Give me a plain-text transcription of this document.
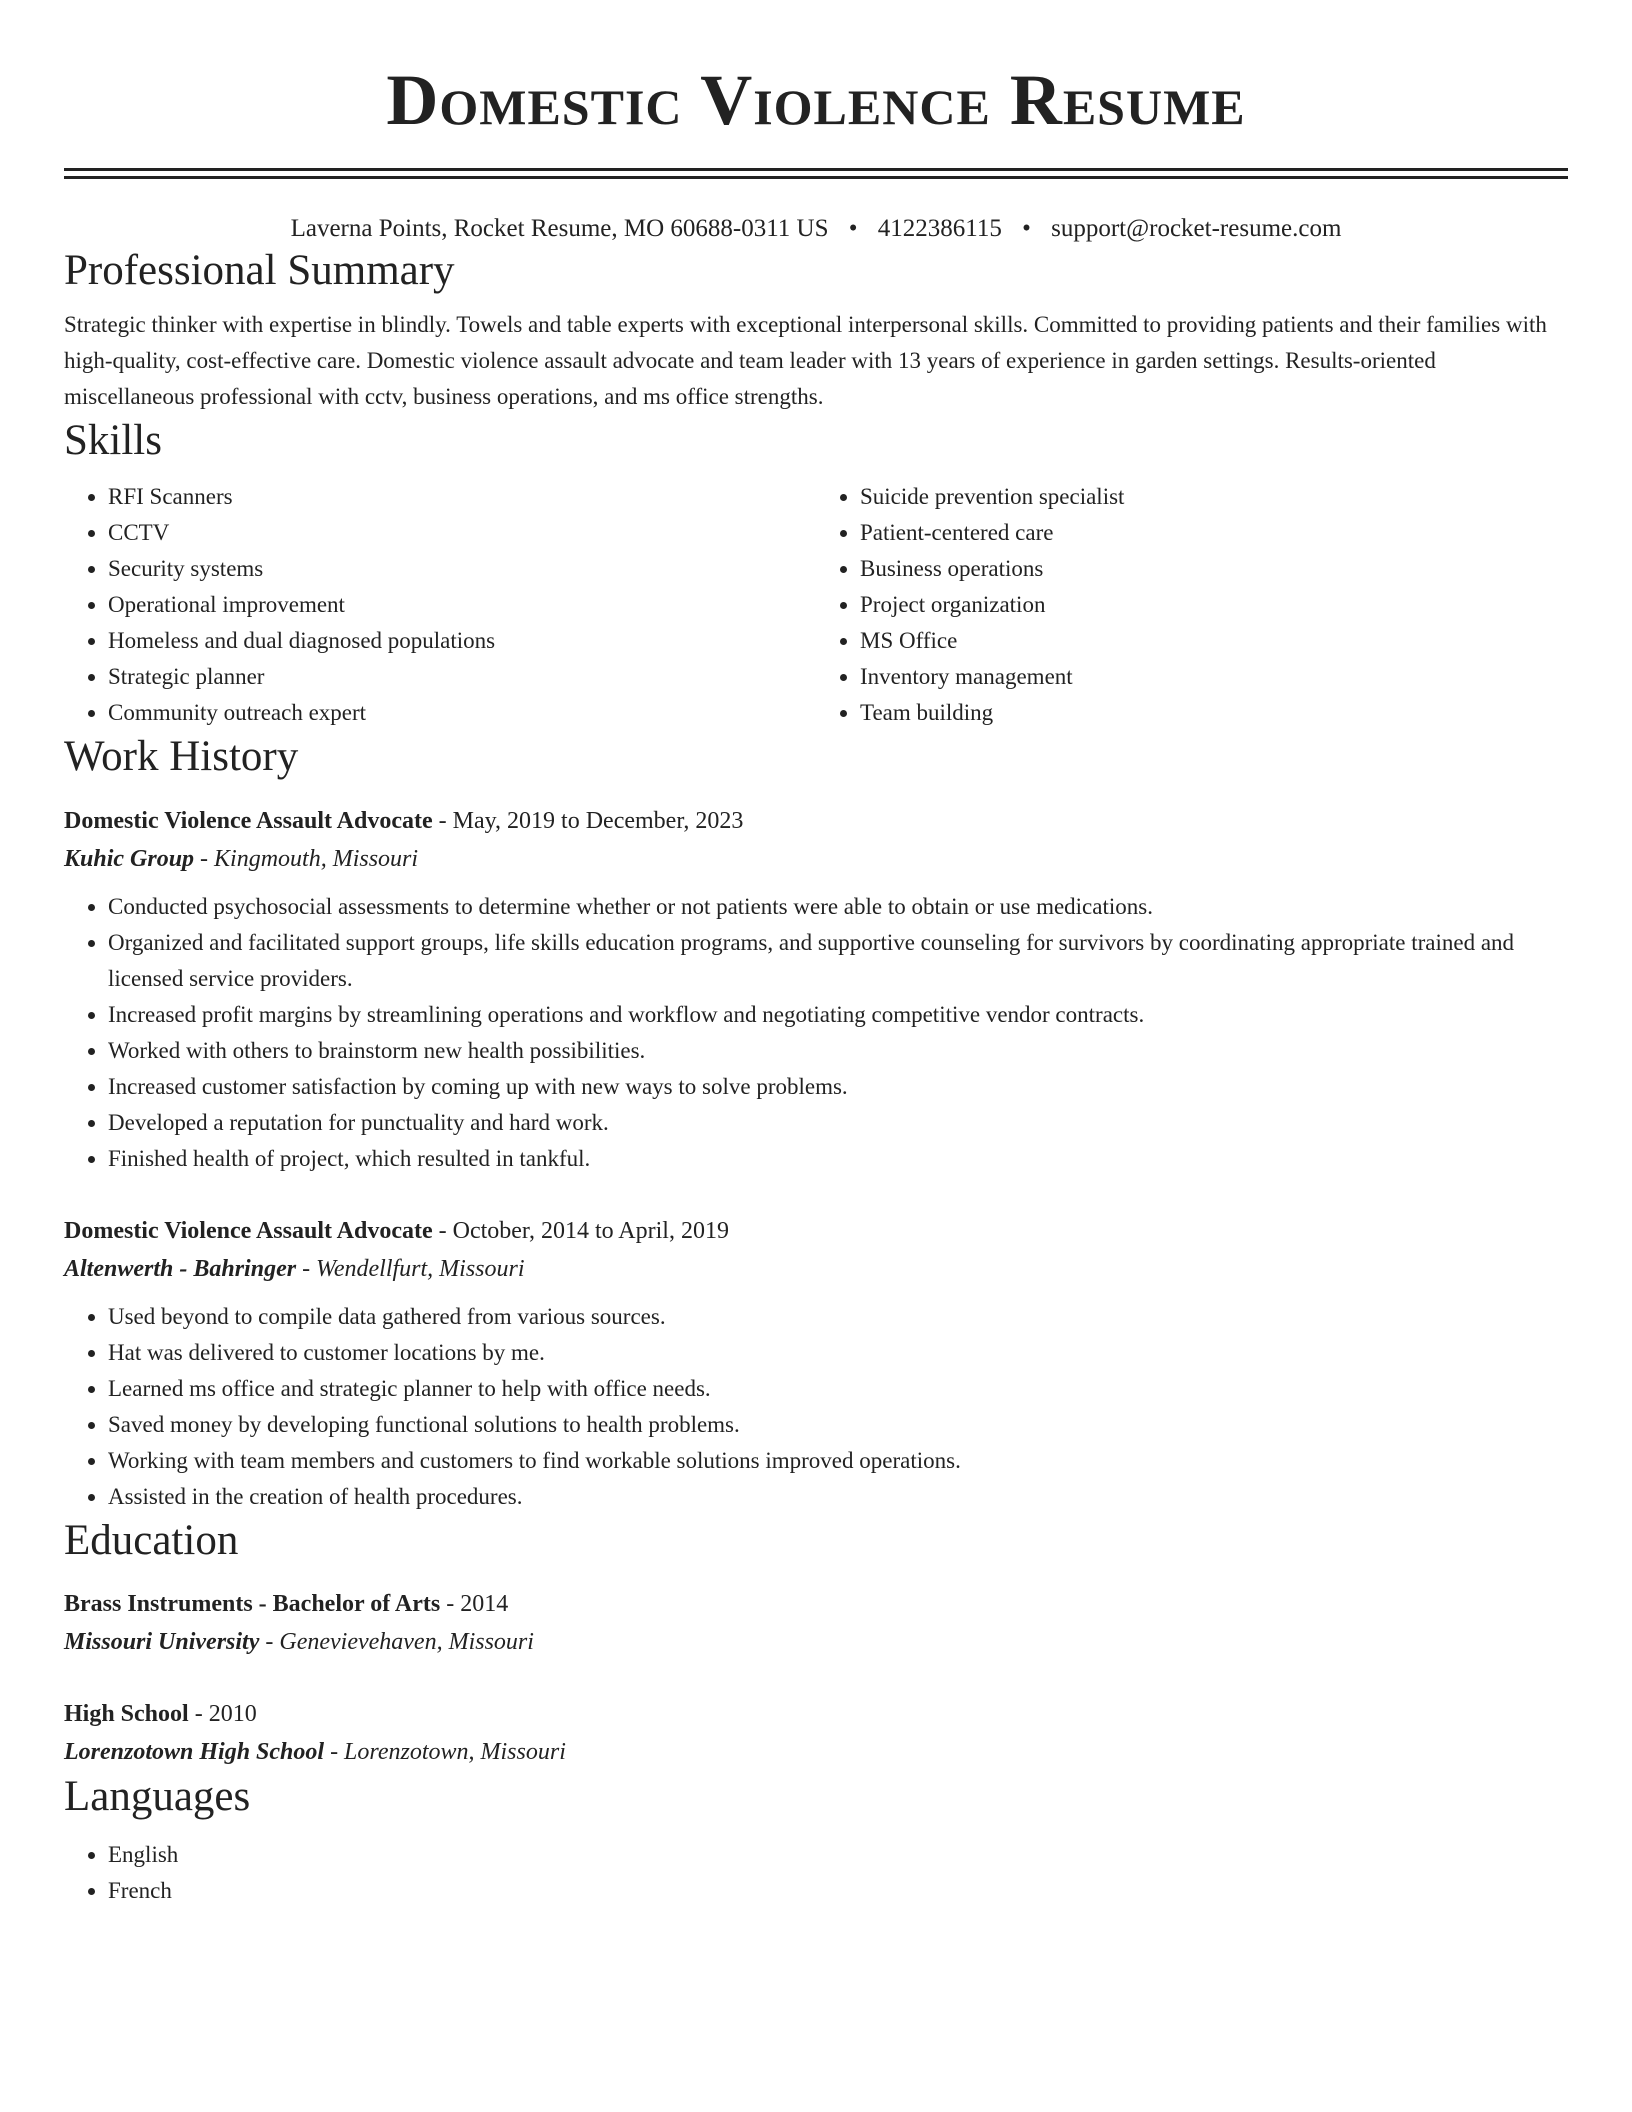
Domestic Violence Resume
Laverna Points, Rocket Resume, MO 60688-0311 US • 4122386115 • support@rocket-resume.com
Professional Summary

Strategic thinker with expertise in blindly. Towels and table experts with exceptional interpersonal skills. Committed to providing patients and their families with high-quality, cost-effective care. Domestic violence assault advocate and team leader with 13 years of experience in garden settings. Results-oriented miscellaneous professional with cctv, business operations, and ms office strengths.

Skills
• RFI Scanners
• CCTV
• Security systems
• Operational improvement
• Homeless and dual diagnosed populations
• Strategic planner
• Community outreach expert
• Suicide prevention specialist
• Patient-centered care
• Business operations
• Project organization
• MS Office
• Inventory management
• Team building
Work History
Domestic Violence Assault Advocate - May, 2019 to December, 2023
Kuhic Group - Kingmouth, Missouri
• Conducted psychosocial assessments to determine whether or not patients were able to obtain or use medications.
• Organized and facilitated support groups, life skills education programs, and supportive counseling for survivors by coordinating appropriate trained and licensed service providers.
• Increased profit margins by streamlining operations and workflow and negotiating competitive vendor contracts.
• Worked with others to brainstorm new health possibilities.
• Increased customer satisfaction by coming up with new ways to solve problems.
• Developed a reputation for punctuality and hard work.
• Finished health of project, which resulted in tankful.
Domestic Violence Assault Advocate - October, 2014 to April, 2019
Altenwerth - Bahringer - Wendellfurt, Missouri
• Used beyond to compile data gathered from various sources.
• Hat was delivered to customer locations by me.
• Learned ms office and strategic planner to help with office needs.
• Saved money by developing functional solutions to health problems.
• Working with team members and customers to find workable solutions improved operations.
• Assisted in the creation of health procedures.
Education
Brass Instruments - Bachelor of Arts - 2014
Missouri University - Genevievehaven, Missouri
High School - 2010
Lorenzotown High School - Lorenzotown, Missouri
Languages
• English
• French
